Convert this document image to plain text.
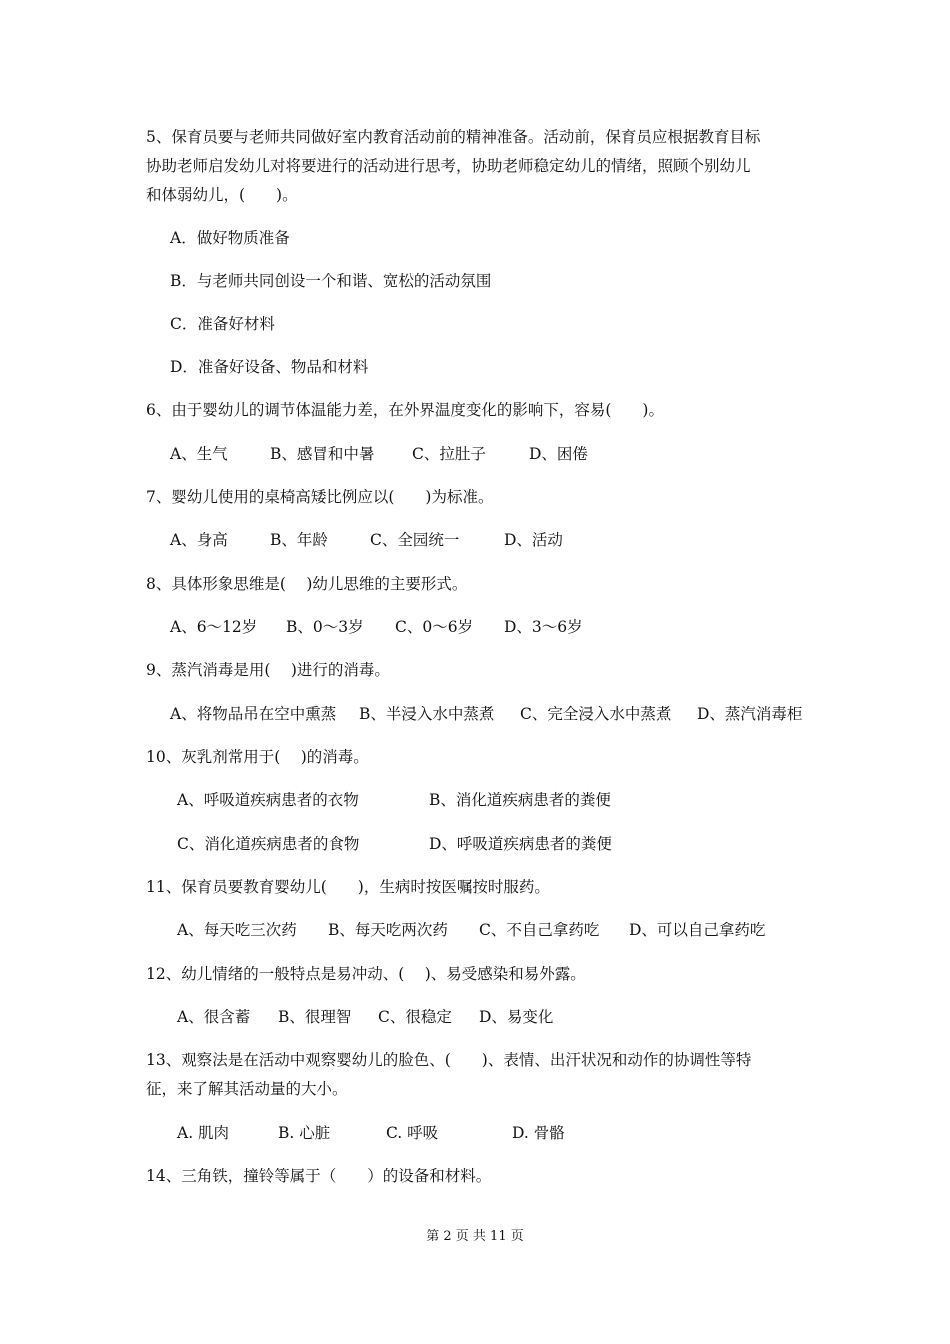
5、保育员要与老师共同做好室内教育活动前的精神准备。活动前，保育员应根据教育目标
协助老师启发幼儿对将要进行的活动进行思考，协助老师稳定幼儿的情绪，照顾个别幼儿
和体弱幼儿，(　　)。
A．做好物质准备
B．与老师共同创设一个和谐、宽松的活动氛围
C．准备好材料
D．准备好设备、物品和材料
6、由于婴幼儿的调节体温能力差，在外界温度变化的影响下，容易(　　)。
A、生气	B、感冒和中暑 C、拉肚子	D、困倦
7、婴幼儿使用的桌椅高矮比例应以(　　)为标准。
A、身高	B、年龄	C、全园统一	D、活动
8、具体形象思维是(　 )幼儿思维的主要形式。
A、6～12岁 B、0～3岁 C、0～6岁 D、3～6岁
9、蒸汽消毒是用(　 )进行的消毒。
A、将物品吊在空中熏蒸 B、半浸入水中蒸煮 C、完全浸入水中蒸煮 D、蒸汽消毒柜
10、灰乳剂常用于(　 )的消毒。
A、呼吸道疾病患者的衣物	B、消化道疾病患者的粪便
C、消化道疾病患者的食物	D、呼吸道疾病患者的粪便
11、保育员要教育婴幼儿(　　)，生病时按医嘱按时服药。
A、每天吃三次药 B、每天吃两次药 C、不自己拿药吃 D、可以自己拿药吃
12、幼儿情绪的一般特点是易冲动、(　 )、易受感染和易外露。
A、很含蓄 B、很理智 C、很稳定 D、易变化
13、观察法是在活动中观察婴幼儿的脸色、(　　)、表情、出汗状况和动作的协调性等特
征，来了解其活动量的大小。
A. 肌肉	B. 心脏	C. 呼吸	D. 骨骼
14、三角铁，撞铃等属于（　　）的设备和材料。
第 2 页 共 11 页
